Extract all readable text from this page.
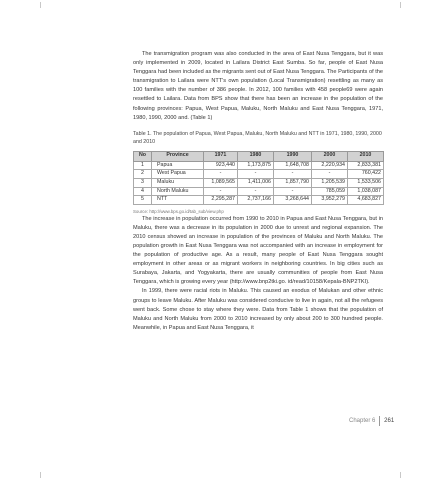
The transmigration program was also conducted in the area of East Nusa Tenggara, but it was only implemented in 2009, located in Lailara District East Sumba. So far, people of East Nusa Tenggara had been included as the migrants sent out of East Nusa Tenggara. The Participants of the transmigration to Lailara were NTT's own population (Local Transmigration) resettling as many as 100 families with the number of 386 people. In 2012, 100 families with 458 people69 were again resettled to Lailara. Data from BPS show that there has been an increase in the population of the following provinces: Papua, West Papua, Maluku, North Maluku and East Nusa Tenggara, 1971, 1980, 1990, 2000 and. (Table 1)

Table 1. The population of Papua, West Papua, Maluku, North Maluku and NTT in 1971, 1980, 1990, 2000 and 2010
No	Province	1971	1980	1990	2000	2010
1	Papua	923,440	1,173,875	1,648,708	2,220,934	2,833,381
2	West Papua	-	-	-	-	760,422
3	Maluku	1,089,565	1,411,006	1,857,790	1,205,539	1,533,506
4	North Maluku	-	-	-	785,059	1,038,087
5	NTT	2,295,287	2,737,166	3,268,644	3,952,279	4,683,827
Source: http://www.bps.go.id/tab_sub/view.php

The increase in population occurred from 1990 to 2010 in Papua and East Nusa Tenggara, but in Maluku, there was a decrease in its population in 2000 due to unrest and regional expansion. The 2010 census showed an increase in population of the provinces of Maluku and North Maluku. The population growth in East Nusa Tenggara was not accompanied with an increase in employment for the population of productive age. As a result, many people of East Nusa Tenggara sought employment in other areas or as migrant workers in neighboring countries. In big cities such as Surabaya, Jakarta, and Yogyakarta, there are usually communities of people from East Nusa Tenggara, which is growing every year (http://www.bnp2tki.go. id/read/10158/Kepala-BNP2TKI).

In 1999, there were racial riots in Maluku. This caused an exodus of Malukan and other ethnic groups to leave Maluku. After Maluku was considered conducive to live in again, not all the refugees went back. Some chose to stay where they were. Data from Table 1 shows that the population of Maluku and North Maluku from 2000 to 2010 increased by only about 200 to 300 hundred people. Meanwhile, in Papua and East Nusa Tenggara, it

Chapter 6 261
